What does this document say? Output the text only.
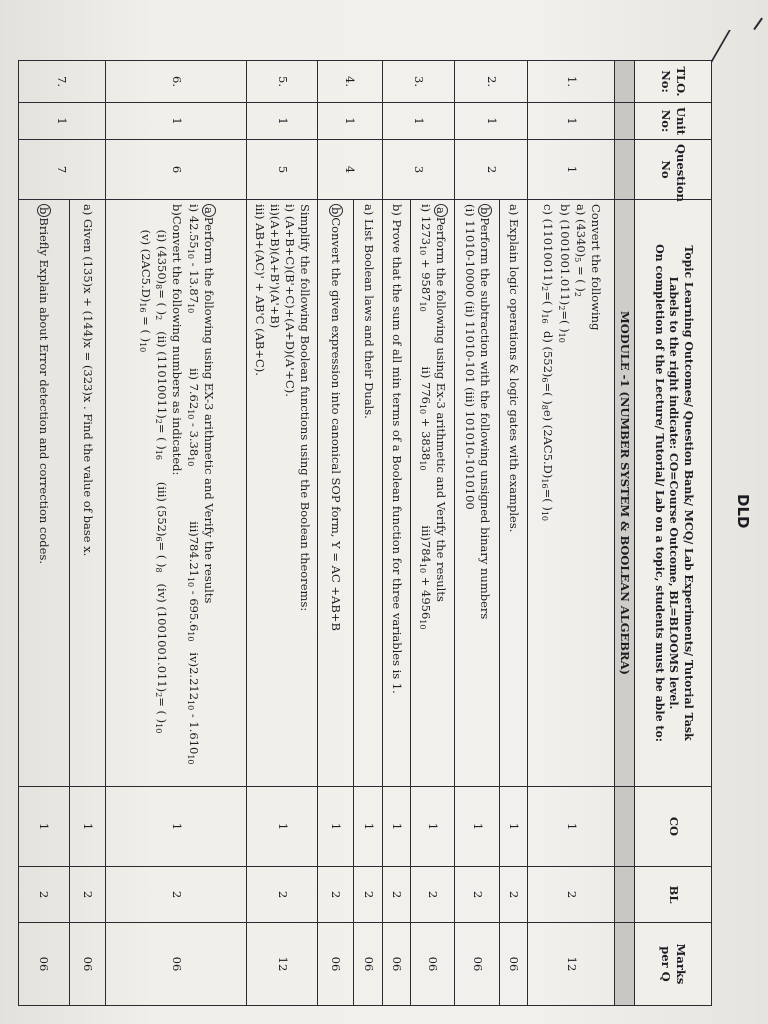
DLD
TLO.
No:	Unit
No:	Question
No	Topic Learning Outcomes/ Question Bank/ MCQ/ Lab Experiments/ Tutorial Task
Labels to the right indicate: CO=Course Outcome, BL=BLOOMS level.
On completion of the Lecture/ Tutorial/ Lab on a topic, students must be able to:	CO	BL	Marks
per Q
			MODULE -1 (NUMBER SYSTEM & BOOLEAN ALGEBRA)			
1.	1	1	Convert the following
a) $(4340)_5$ = ( )$_2$
b) $(1001001.011)_2=$( )$_{10}$
c) $(11010011)_2=$( )$_{16}$  d) $(552)_6=$( )$_8e$) $(2AC5.D)_{16}=$( )$_{10}$	1	2	12
2.	1	2	a) Explain logic operations & logic gates with examples.	1	2	06

			bPerform the subtraction with the following unsigned binary numbers
(i) 11010-10000 (ii) 11010-101 (iii) 101010-1010100	1	2	06
3.	1	3	aPerform the following using Ex-3 arithmetic and Verify the results
i) $1273_{10} + 9587_{10}$               ii) $776_{10} + 3838_{10}$               $iii)784_{10} + 4956_{10}$	1	2	06

			b) Prove that the sum of all min terms of a Boolean function for three variables is 1.	1	2	06
4.	1	4	a) List Boolean laws and their Duals.	1	2	06

			bConvert the given expression into canonical SOP form, Y = AC +AB+B	1	2	06
5.	1	5	Simplify the following Boolean functions using the Boolean theorems:
i) (A+B+C)(B'+C)+(A+D)(A'+C).
ii)(A+B)(A+B')(A'+B)
iii) AB+(AC)' + AB'C (AB+C).	1	2	12
6.	1	6	aPerform the following using EX-3 arithmetic and Verify the results
i) $42.55_{10} - 13.87_{10}$               ii) $7.62_{10} - 3.38_{10}$               $iii)784.21_{10} - 695.6_{10}$   $iv)2.212_{10} - 1.610_{10}$
b)Convert the following numbers as indicated:
(i) $(4350)_8=$ ( )$_2$   (ii) $(11010011)_2=$ ( )$_{16}$      (iii) $(552)_6=$ ( )$_8$   (iv) $(1001001.011)_2=$ ( )$_{10}$
(v) $(2AC5.D)_{16}$ = ( )$_{10}$	1	2	06
7.	1	7	a) Given (135)x + (144)x = (323)x . Find the value of base x.	1	2	06

			bBriefly Explain about Error detection and correction codes.	1	2	06
